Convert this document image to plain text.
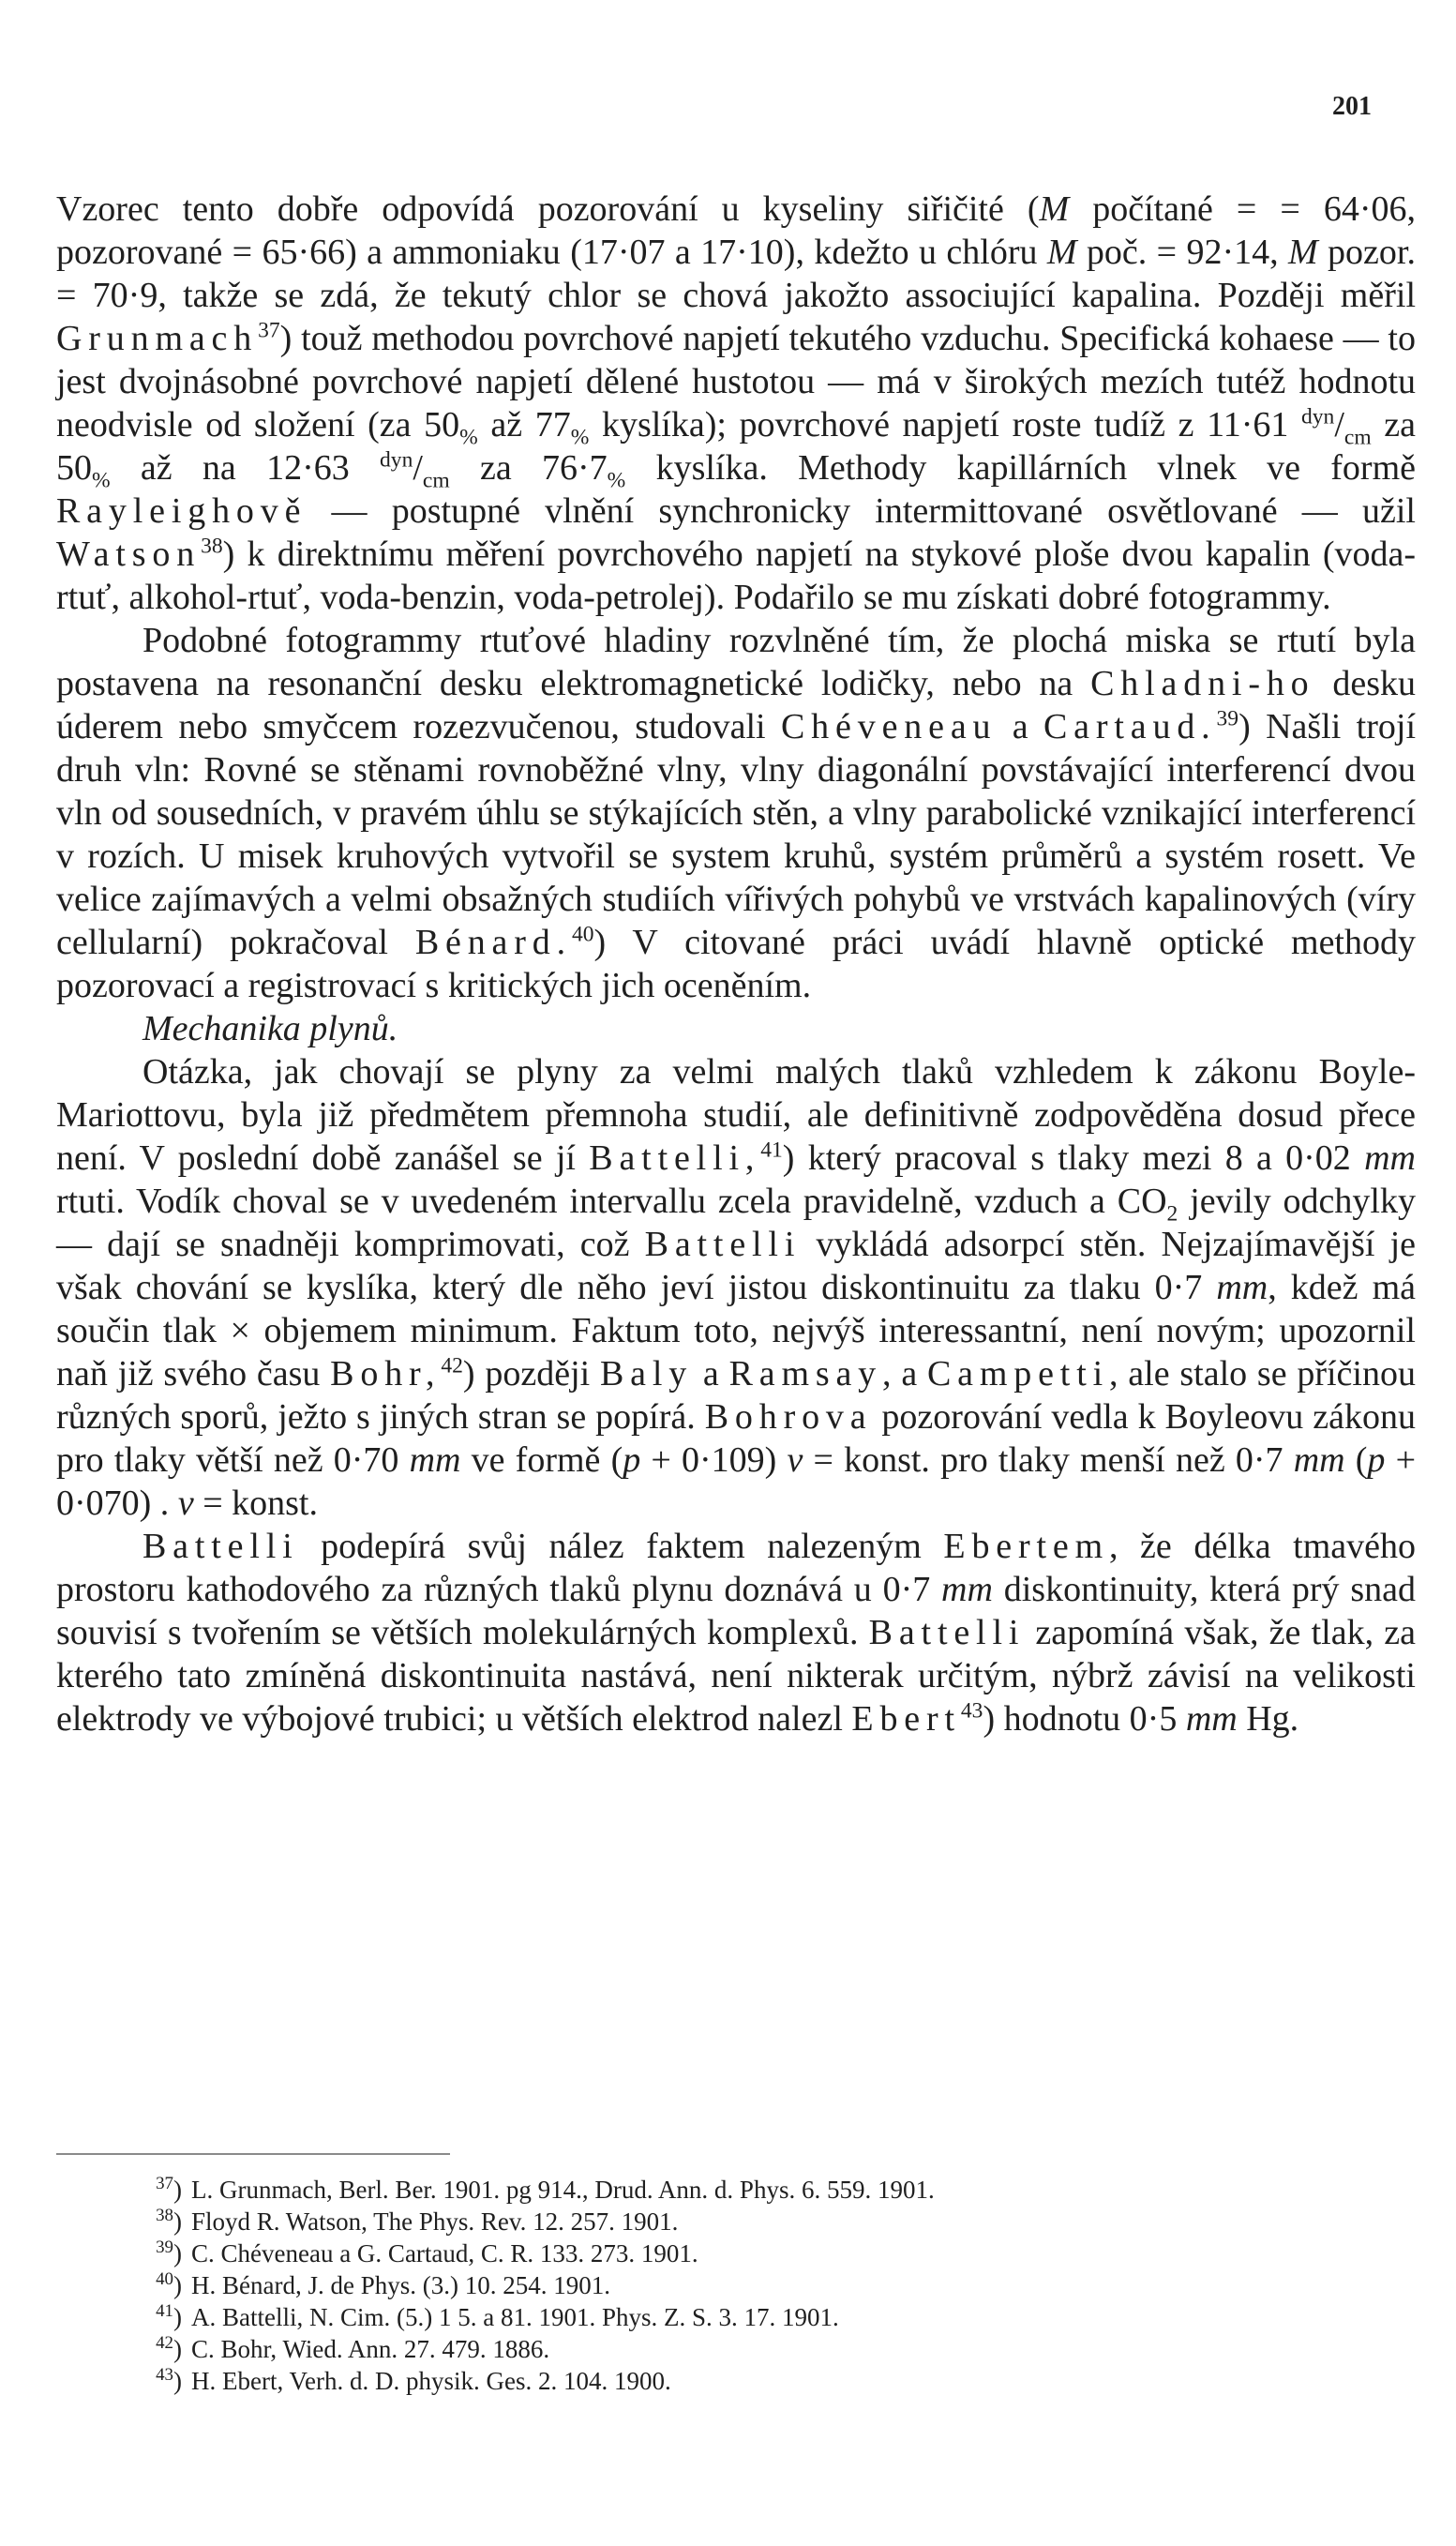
201

Vzorec tento dobře odpovídá pozorování u kyseliny siřičité (M počítané = = 64·06, pozorované = 65·66) a ammoniaku (17·07 a 17·10), kdežto u chlóru M poč. = 92·14, M pozor. = 70·9, takže se zdá, že tekutý chlor se chová jakožto associující kapalina. Později měřil Grunmach$^{37}$) touž methodou povrchové napjetí tekutého vzduchu. Specifická kohaese — to jest dvojnásobné povrchové napjetí dělené hustotou — má v širokých mezích tutéž hodnotu neodvisle od složení (za $50_{\%}$ až $77_{\%}$ kyslíka); povrchové napjetí roste tudíž z 11·61 $^{dyn}/_{cm}$ za $50_{\%}$ až na 12·63 $^{dyn}/_{cm}$ za $76\cdot 7_{\%}$ kyslíka. Methody kapillárních vlnek ve formě Rayleighově — postupné vlnění synchronicky intermittované osvětlované — užil Watson$^{38}$) k direktnímu měření povrchového napjetí na stykové ploše dvou kapalin (voda-rtuť, alkohol-rtuť, voda-benzin, voda-petrolej). Podařilo se mu získati dobré fotogrammy.

Podobné fotogrammy rtuťové hladiny rozvlněné tím, že plochá miska se rtutí byla postavena na resonanční desku elektromagnetické lodičky, nebo na Chladni-ho desku úderem nebo smyčcem rozezvučenou, studovali Chéveneau a Cartaud.$^{39}$) Našli trojí druh vln: Rovné se stěnami rovnoběžné vlny, vlny diagonální povstávající interferencí dvou vln od sousedních, v pravém úhlu se stýkajících stěn, a vlny parabolické vznikající interferencí v rozích. U misek kruhových vytvořil se system kruhů, systém průměrů a systém rosett. Ve velice zajímavých a velmi obsažných studiích vířivých pohybů ve vrstvách kapalinových (víry cellularní) pokračoval Bénard.$^{40}$) V citované práci uvádí hlavně optické methody pozorovací a registrovací s kritických jich oceněním.

Mechanika plynů.

Otázka, jak chovají se plyny za velmi malých tlaků vzhledem k zákonu Boyle-Mariottovu, byla již předmětem přemnoha studií, ale definitivně zodpověděna dosud přece není. V poslední době zanášel se jí Battelli,$^{41}$) který pracoval s tlaky mezi 8 a 0·02 mm rtuti. Vodík choval se v uvedeném intervallu zcela pravidelně, vzduch a $CO_2$ jevily odchylky — dají se snadněji komprimovati, což Battelli vykládá adsorpcí stěn. Nejzajímavější je však chování se kyslíka, který dle něho jeví jistou diskontinuitu za tlaku 0·7 mm, kdež má součin tlak × objemem minimum. Faktum toto, nejvýš interessantní, není novým; upozornil naň již svého času Bohr,$^{42}$) později Baly a Ramsay, a Campetti, ale stalo se příčinou různých sporů, ježto s jiných stran se popírá. Bohrova pozorování vedla k Boyleovu zákonu pro tlaky větší než 0·70 mm ve formě (p + 0·109) v = konst. pro tlaky menší než 0·7 mm (p + 0·070) . v = konst.

Battelli podepírá svůj nález faktem nalezeným Ebertem, že délka tmavého prostoru kathodového za různých tlaků plynu doznává u 0·7 mm diskontinuity, která prý snad souvisí s tvořením se větších molekulárných komplexů. Battelli zapomíná však, že tlak, za kterého tato zmíněná diskontinuita nastává, není nikterak určitým, nýbrž závisí na velikosti elektrody ve výbojové trubici; u větších elektrod nalezl Ebert$^{43}$) hodnotu 0·5 mm Hg.

$^{37}$) L. Grunmach, Berl. Ber. 1901. pg 914., Drud. Ann. d. Phys. 6. 559. 1901.
$^{38}$) Floyd R. Watson, The Phys. Rev. 12. 257. 1901.
$^{39}$) C. Chéveneau a G. Cartaud, C. R. 133. 273. 1901.
$^{40}$) H. Bénard, J. de Phys. (3.) 10. 254. 1901.
$^{41}$) A. Battelli, N. Cim. (5.) 1 5. a 81. 1901. Phys. Z. S. 3. 17. 1901.
$^{42}$) C. Bohr, Wied. Ann. 27. 479. 1886.
$^{43}$) H. Ebert, Verh. d. D. physik. Ges. 2. 104. 1900.
